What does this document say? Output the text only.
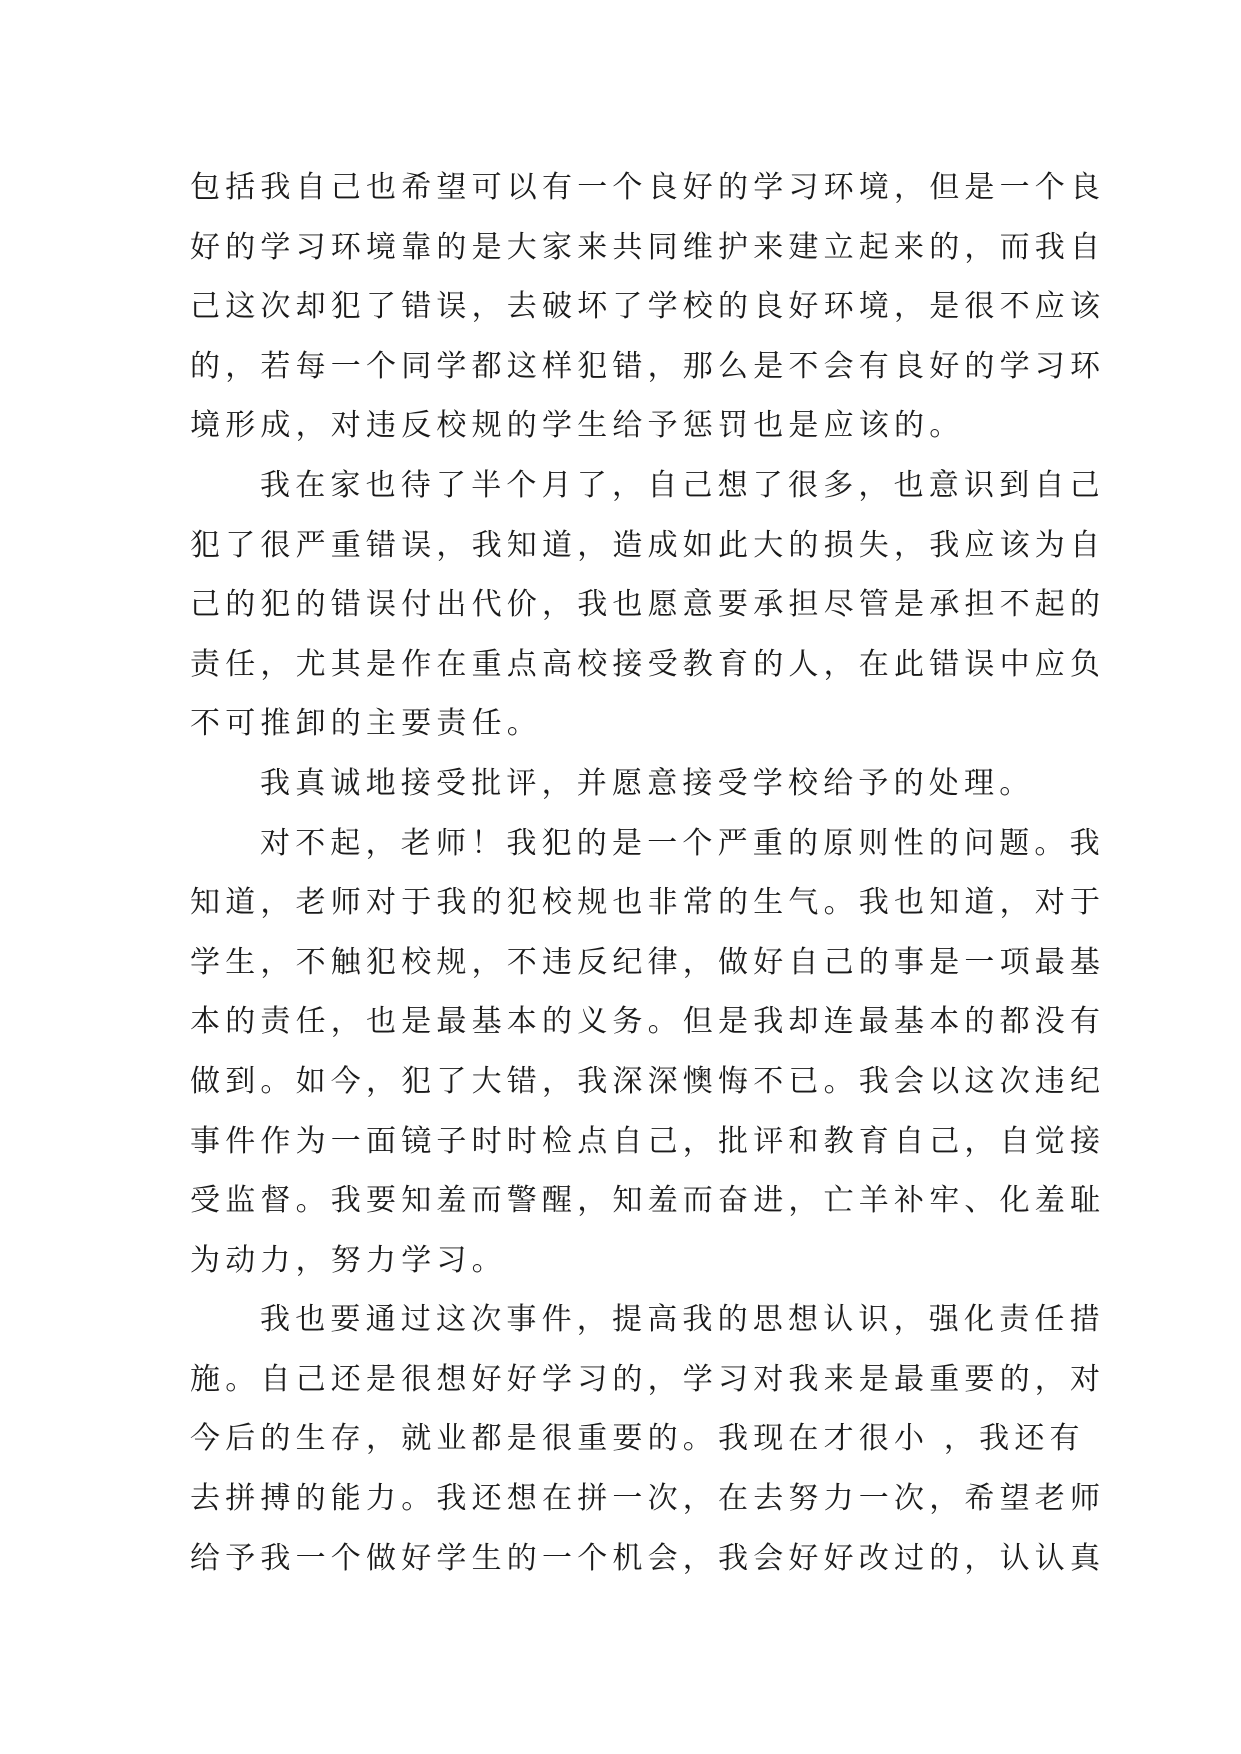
包括我自己也希望可以有一个良好的学习环境，但是一个良
好的学习环境靠的是大家来共同维护来建立起来的，而我自
己这次却犯了错误，去破坏了学校的良好环境，是很不应该
的，若每一个同学都这样犯错，那么是不会有良好的学习环
境形成，对违反校规的学生给予惩罚也是应该的。
我在家也待了半个月了，自己想了很多，也意识到自己
犯了很严重错误，我知道，造成如此大的损失，我应该为自
己的犯的错误付出代价，我也愿意要承担尽管是承担不起的
责任，尤其是作在重点高校接受教育的人，在此错误中应负
不可推卸的主要责任。
我真诚地接受批评，并愿意接受学校给予的处理。
对不起，老师！我犯的是一个严重的原则性的问题。我
知道，老师对于我的犯校规也非常的生气。我也知道，对于
学生，不触犯校规，不违反纪律，做好自己的事是一项最基
本的责任，也是最基本的义务。但是我却连最基本的都没有
做到。如今，犯了大错，我深深懊悔不已。我会以这次违纪
事件作为一面镜子时时检点自己，批评和教育自己，自觉接
受监督。我要知羞而警醒，知羞而奋进，亡羊补牢、化羞耻
为动力，努力学习。
我也要通过这次事件，提高我的思想认识，强化责任措
施。自己还是很想好好学习的，学习对我来是最重要的，对
今后的生存，就业都是很重要的。我现在才很小 ，我还有
去拼搏的能力。我还想在拼一次，在去努力一次，希望老师
给予我一个做好学生的一个机会，我会好好改过的，认认真
